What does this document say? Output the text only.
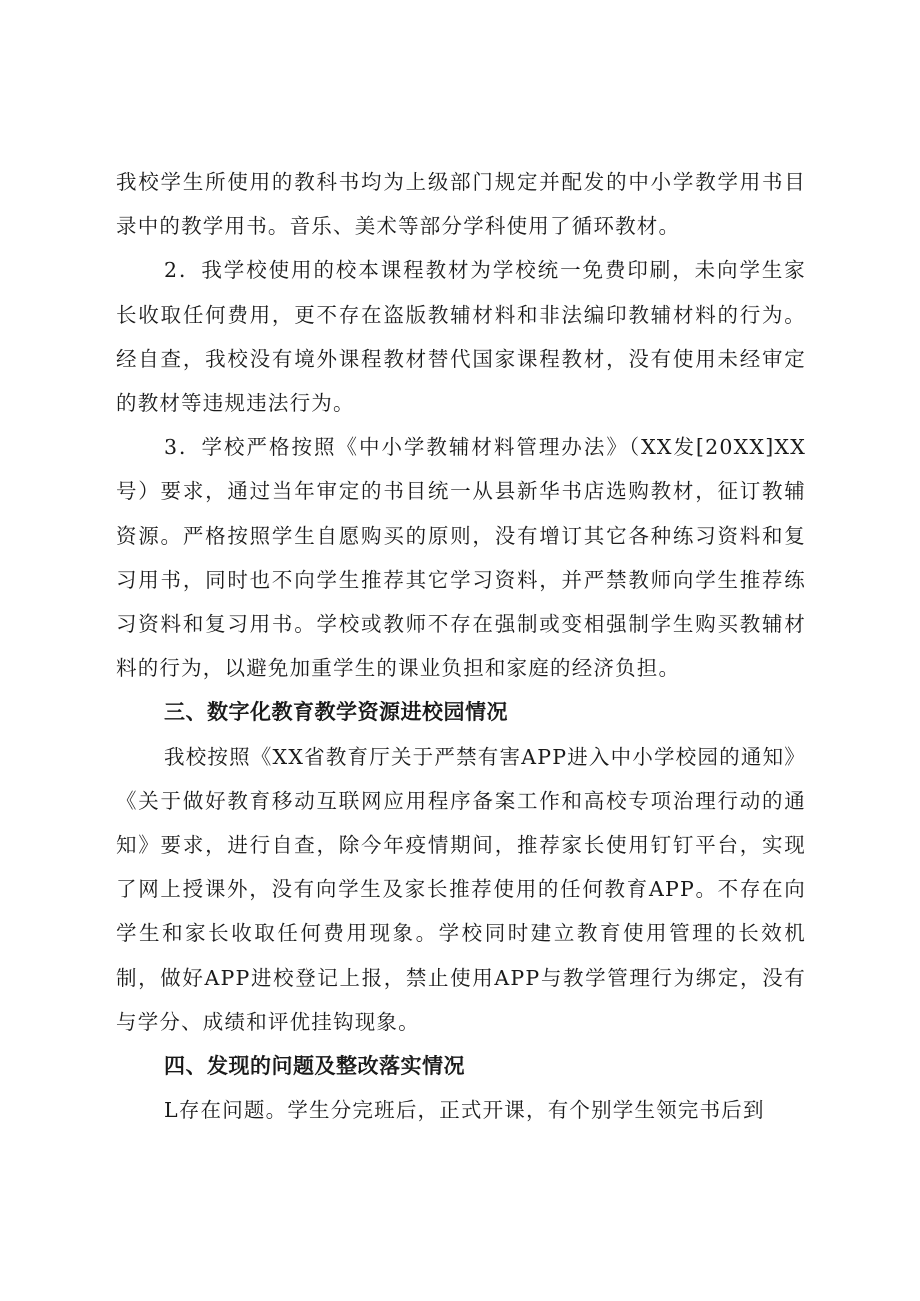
我校学生所使用的教科书均为上级部门规定并配发的中小学教学用书目录中的教学用书。音乐、美术等部分学科使用了循环教材。

2．我学校使用的校本课程教材为学校统一免费印刷，未向学生家长收取任何费用，更不存在盗版教辅材料和非法编印教辅材料的行为。经自查，我校没有境外课程教材替代国家课程教材，没有使用未经审定的教材等违规违法行为。

3．学校严格按照《中小学教辅材料管理办法》（XX发[20XX]XX号）要求，通过当年审定的书目统一从县新华书店选购教材，征订教辅资源。严格按照学生自愿购买的原则，没有增订其它各种练习资料和复习用书，同时也不向学生推荐其它学习资料，并严禁教师向学生推荐练习资料和复习用书。学校或教师不存在强制或变相强制学生购买教辅材料的行为，以避免加重学生的课业负担和家庭的经济负担。

三、数字化教育教学资源进校园情况

我校按照《XX省教育厅关于严禁有害APP进入中小学校园的通知》《关于做好教育移动互联网应用程序备案工作和高校专项治理行动的通知》要求，进行自查，除今年疫情期间，推荐家长使用钉钉平台，实现了网上授课外，没有向学生及家长推荐使用的任何教育APP。不存在向学生和家长收取任何费用现象。学校同时建立教育使用管理的长效机制，做好APP进校登记上报，禁止使用APP与教学管理行为绑定，没有与学分、成绩和评优挂钩现象。

四、发现的问题及整改落实情况

L存在问题。学生分完班后，正式开课，有个别学生领完书后到
